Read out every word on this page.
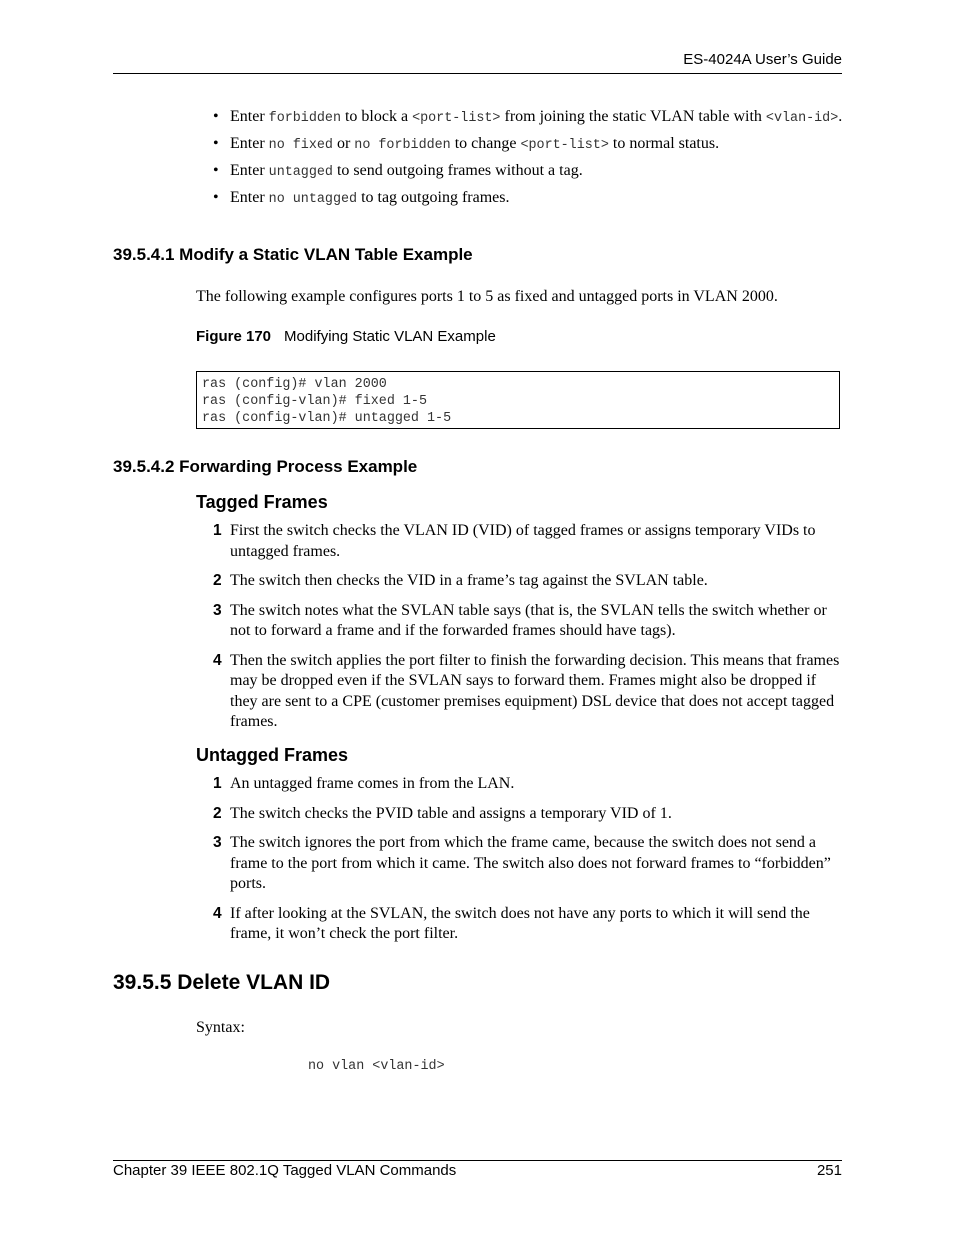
ES-4024A User’s Guide
• Enter forbidden to block a <port-list> from joining the static VLAN table with <vlan-id>.
• Enter no fixed or no forbidden to change <port-list> to normal status.
• Enter untagged to send outgoing frames without a tag.
• Enter no untagged to tag outgoing frames.
39.5.4.1 Modify a Static VLAN Table Example
The following example configures ports 1 to 5 as fixed and untagged ports in VLAN 2000.
Figure 170 Modifying Static VLAN Example
ras (config)# vlan 2000
ras (config-vlan)# fixed 1-5
ras (config-vlan)# untagged 1-5
39.5.4.2 Forwarding Process Example
Tagged Frames
1 First the switch checks the VLAN ID (VID) of tagged frames or assigns temporary VIDs to untagged frames.
2 The switch then checks the VID in a frame’s tag against the SVLAN table.
3 The switch notes what the SVLAN table says (that is, the SVLAN tells the switch whether or not to forward a frame and if the forwarded frames should have tags).
4 Then the switch applies the port filter to finish the forwarding decision. This means that frames may be dropped even if the SVLAN says to forward them. Frames might also be dropped if they are sent to a CPE (customer premises equipment) DSL device that does not accept tagged frames.
Untagged Frames
1 An untagged frame comes in from the LAN.
2 The switch checks the PVID table and assigns a temporary VID of 1.
3 The switch ignores the port from which the frame came, because the switch does not send a frame to the port from which it came. The switch also does not forward frames to “forbidden” ports.
4 If after looking at the SVLAN, the switch does not have any ports to which it will send the frame, it won’t check the port filter.
39.5.5 Delete VLAN ID
Syntax:
no vlan <vlan-id>
Chapter 39 IEEE 802.1Q Tagged VLAN Commands	251
